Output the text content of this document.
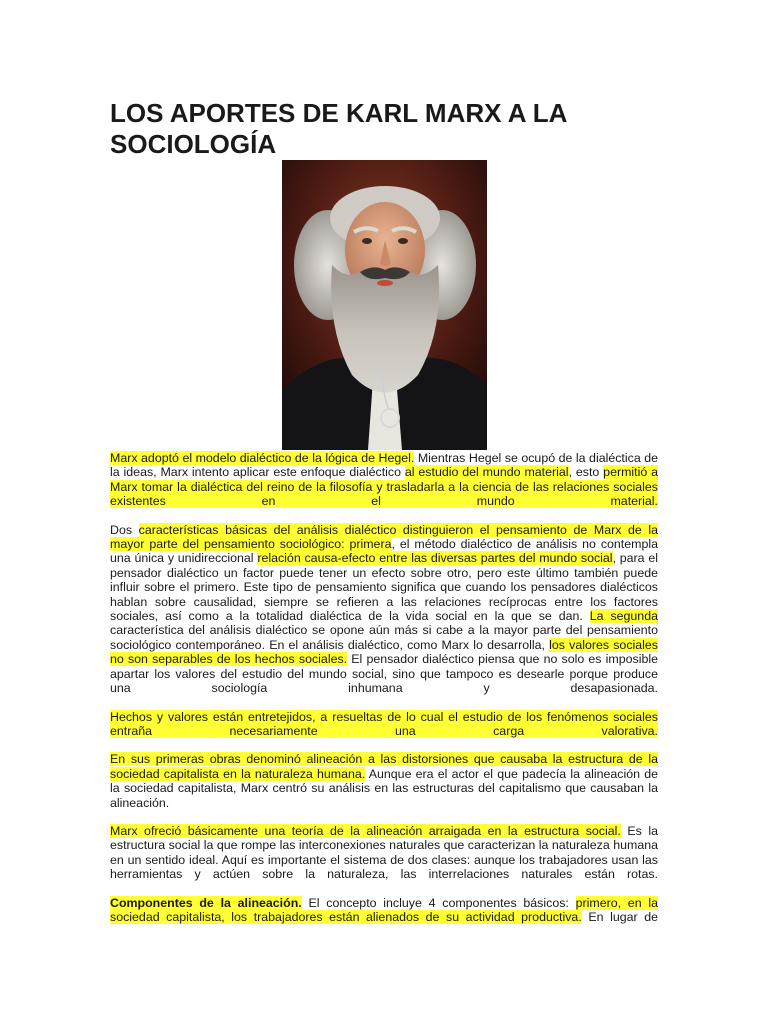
LOS APORTES DE KARL MARX A LA SOCIOLOGÍA

Marx adoptó el modelo dialéctico de la lógica de Hegel. Mientras Hegel se ocupó de la dialéctica de la ideas, Marx intento aplicar este enfoque dialéctico al estudio del mundo material, esto permitió a Marx tomar la dialéctica del reino de la filosofía y trasladarla a la ciencia de las relaciones sociales existentes en el mundo material.

Dos características básicas del análisis dialéctico distinguieron el pensamiento de Marx de la mayor parte del pensamiento sociológico: primera, el método dialéctico de análisis no contempla una única y unidireccional relación causa-efecto entre las diversas partes del mundo social, para el pensador dialéctico un factor puede tener un efecto sobre otro, pero este último también puede influir sobre el primero. Este tipo de pensamiento significa que cuando los pensadores dialécticos hablan sobre causalidad, siempre se refieren a las relaciones recíprocas entre los factores sociales, así como a la totalidad dialéctica de la vida social en la que se dan. La segunda característica del análisis dialéctico se opone aún más si cabe a la mayor parte del pensamiento sociológico contemporáneo. En el análisis dialéctico, como Marx lo desarrolla, los valores sociales no son separables de los hechos sociales. El pensador dialéctico piensa que no solo es imposible apartar los valores del estudio del mundo social, sino que tampoco es desearle porque produce una sociología inhumana y desapasionada.

Hechos y valores están entretejidos, a resueltas de lo cual el estudio de los fenómenos sociales entraña necesariamente una carga valorativa.

En sus primeras obras denominó alineación a las distorsiones que causaba la estructura de la sociedad capitalista en la naturaleza humana. Aunque era el actor el que padecía la alineación de la sociedad capitalista, Marx centró su análisis en las estructuras del capitalismo que causaban la alineación.

Marx ofreció básicamente una teoría de la alineación arraigada en la estructura social. Es la estructura social la que rompe las interconexiones naturales que caracterizan la naturaleza humana en un sentido ideal. Aquí es importante el sistema de dos clases: aunque los trabajadores usan las herramientas y actúen sobre la naturaleza, las interrelaciones naturales están rotas.

Componentes de la alineación. El concepto incluye 4 componentes básicos: primero, en la sociedad capitalista, los trabajadores están alienados de su actividad productiva. En lugar de
